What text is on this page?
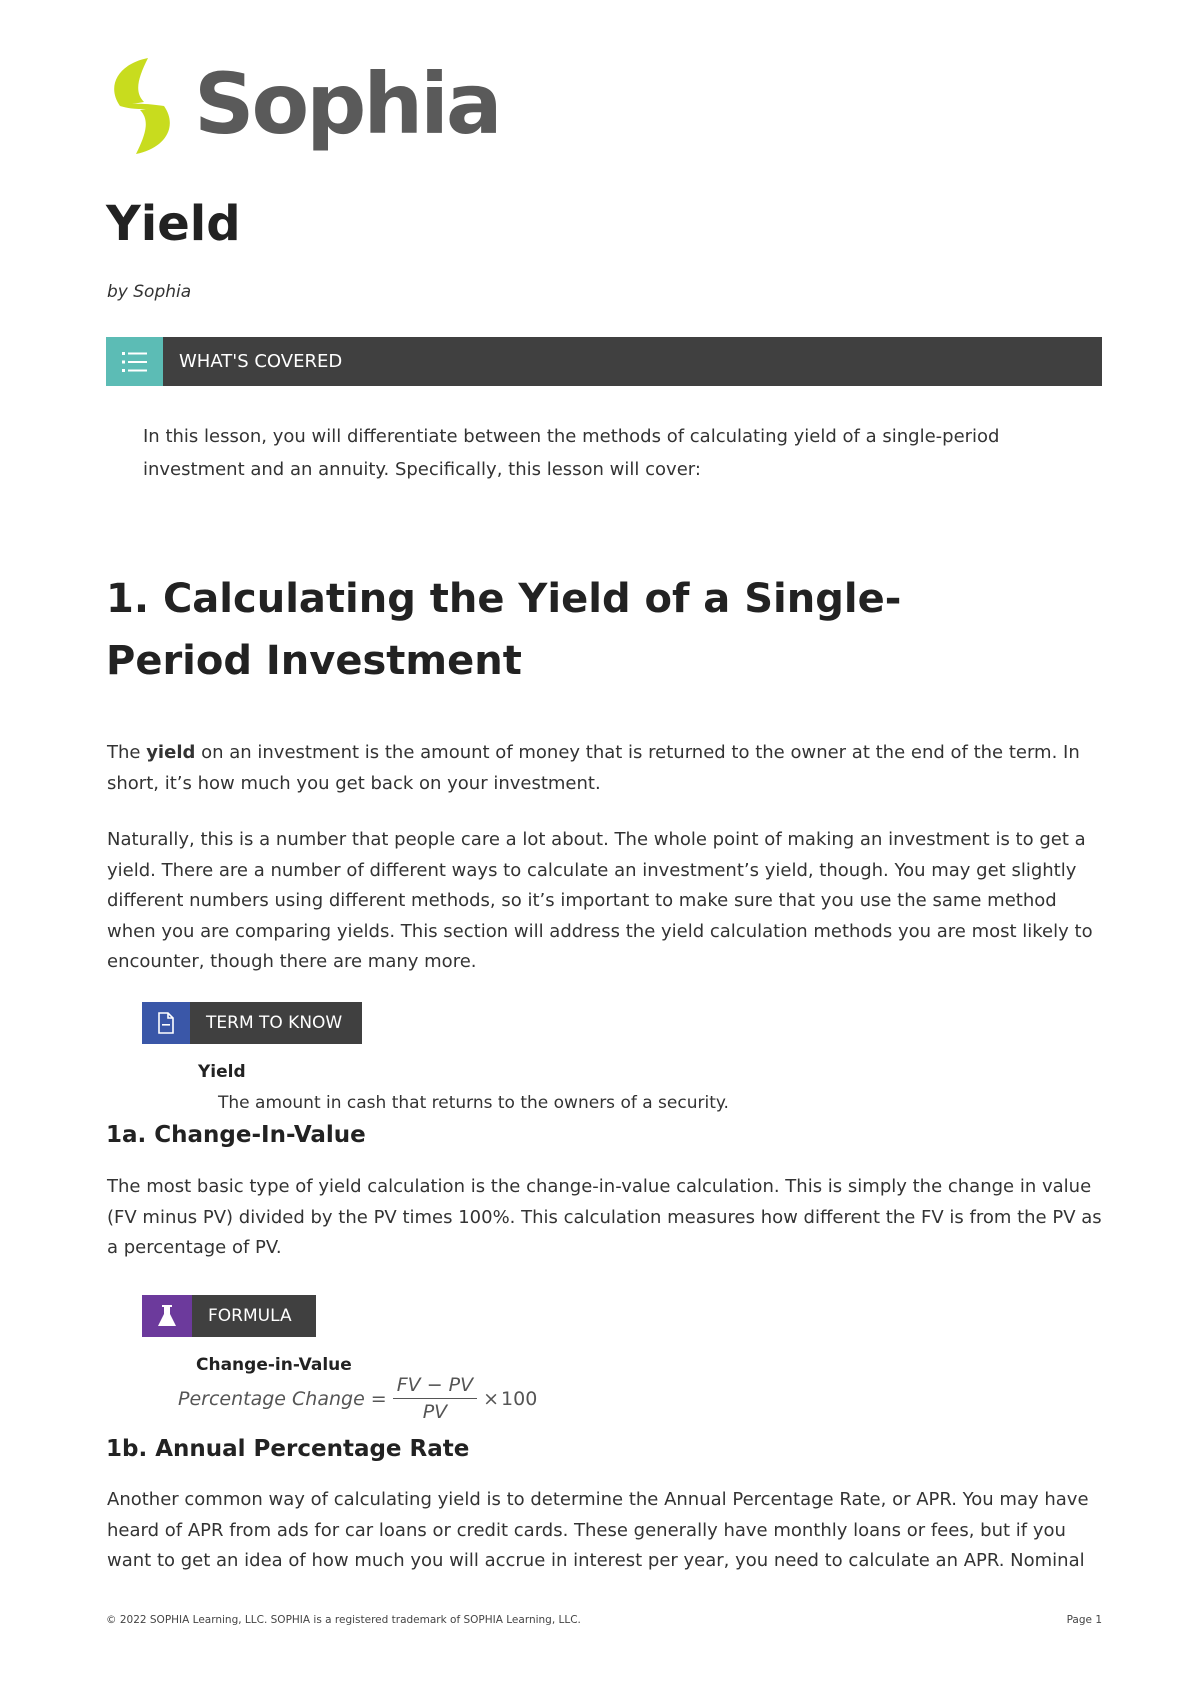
Sophia
Yield
by Sophia
WHAT'S COVERED

In this lesson, you will differentiate between the methods of calculating yield of a single-period investment and an annuity. Specifically, this lesson will cover:

1. Calculating the Yield of a Single-Period Investment

The yield on an investment is the amount of money that is returned to the owner at the end of the term. In short, it’s how much you get back on your investment.

Naturally, this is a number that people care a lot about. The whole point of making an investment is to get a yield. There are a number of different ways to calculate an investment’s yield, though. You may get slightly different numbers using different methods, so it’s important to make sure that you use the same method when you are comparing yields. This section will address the yield calculation methods you are most likely to encounter, though there are many more.

TERM TO KNOW
Yield
The amount in cash that returns to the owners of a security.
1a. Change-In-Value

The most basic type of yield calculation is the change-in-value calculation. This is simply the change in value (FV minus PV) divided by the PV times 100%. This calculation measures how different the FV is from the PV as a percentage of PV.

FORMULA
Change-in-Value
Percentage Change = $\frac{FV - PV}{PV} \times 100$
1b. Annual Percentage Rate

Another common way of calculating yield is to determine the Annual Percentage Rate, or APR. You may have heard of APR from ads for car loans or credit cards. These generally have monthly loans or fees, but if you want to get an idea of how much you will accrue in interest per year, you need to calculate an APR. Nominal

© 2022 SOPHIA Learning, LLC. SOPHIA is a registered trademark of SOPHIA Learning, LLC.	Page 1
